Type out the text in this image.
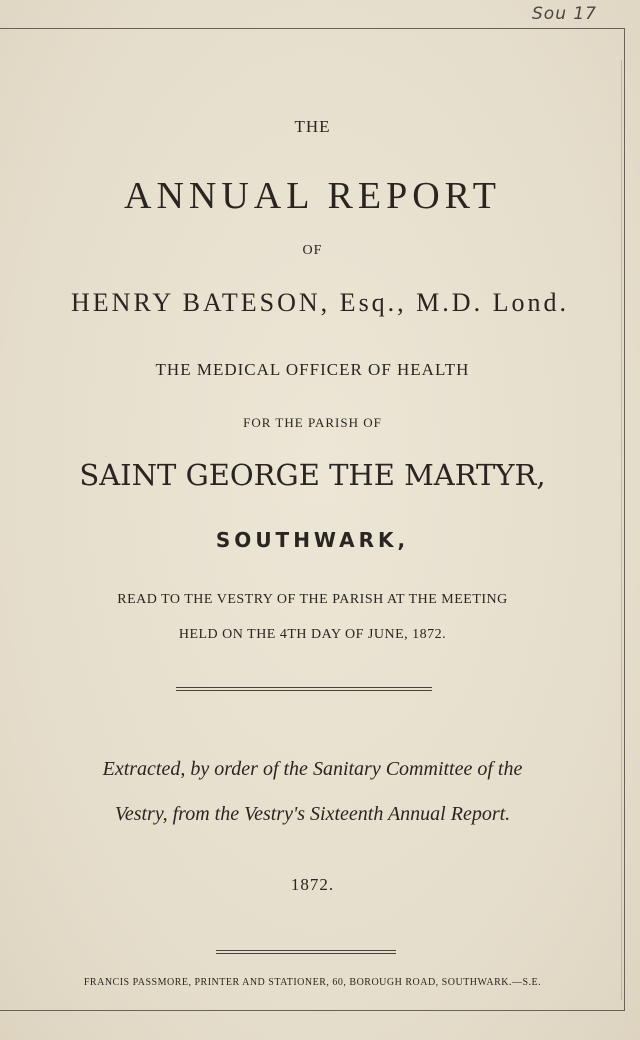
Sou 17
THE
ANNUAL REPORT
OF
HENRY BATESON, Esq., M.D. Lond.
THE MEDICAL OFFICER OF HEALTH
FOR THE PARISH OF
SAINT GEORGE THE MARTYR,
SOUTHWARK,
READ TO THE VESTRY OF THE PARISH AT THE MEETING
HELD ON THE 4TH DAY OF JUNE, 1872.
Extracted, by order of the Sanitary Committee of the
Vestry, from the Vestry's Sixteenth Annual Report.
1872.
FRANCIS PASSMORE, PRINTER AND STATIONER, 60, BOROUGH ROAD, SOUTHWARK.—S.E.
